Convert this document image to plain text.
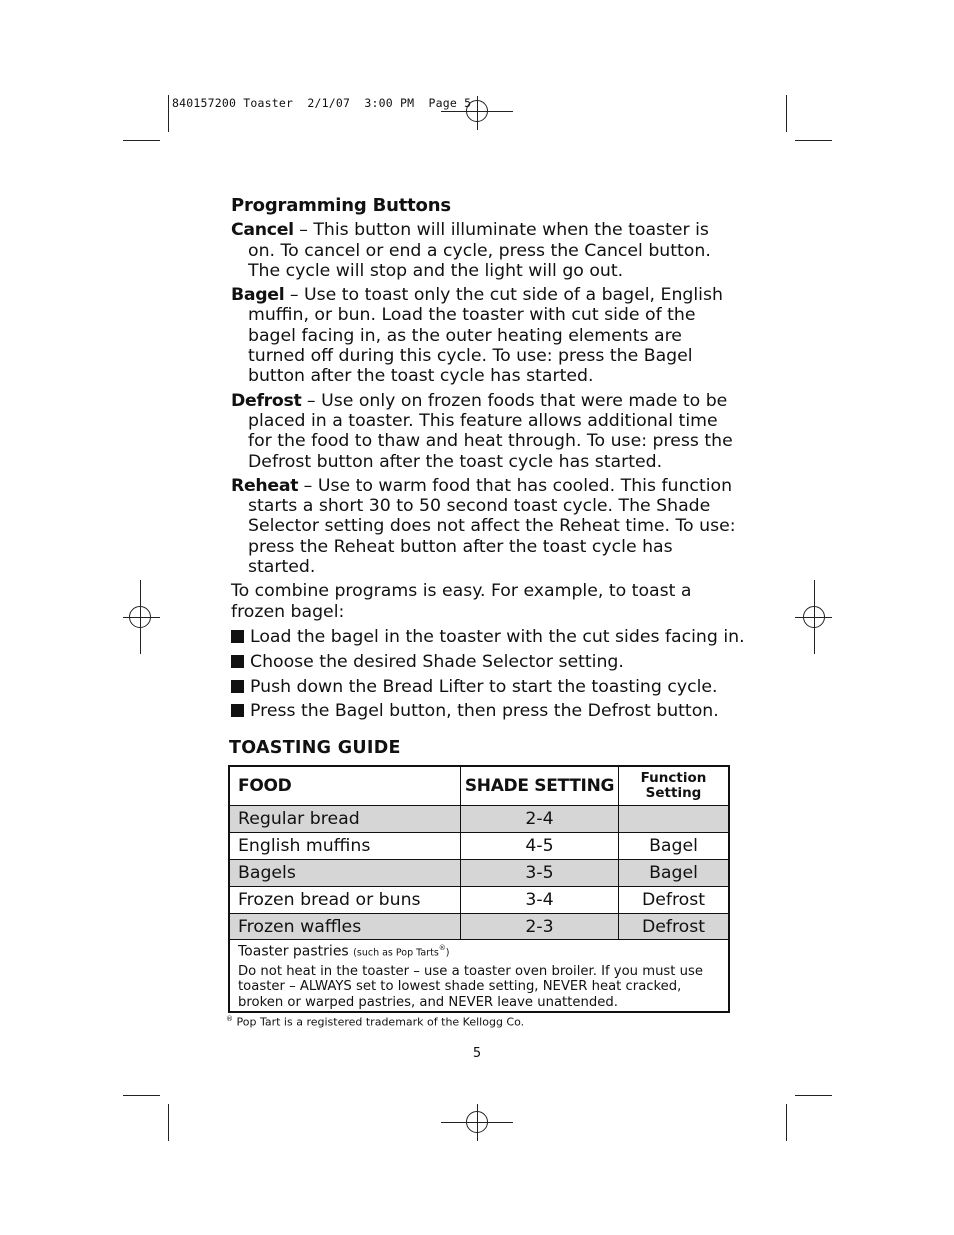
840157200 Toaster  2/1/07  3:00 PM  Page 5
Programming Buttons
Cancel – This button will illuminate when the toaster is on. To cancel or end a cycle, press the Cancel button. The cycle will stop and the light will go out.
Bagel – Use to toast only the cut side of a bagel, English muffin, or bun. Load the toaster with cut side of the bagel facing in, as the outer heating elements are turned off during this cycle. To use: press the Bagel button after the toast cycle has started.
Defrost – Use only on frozen foods that were made to be placed in a toaster. This feature allows additional time for the food to thaw and heat through. To use: press the Defrost button after the toast cycle has started.
Reheat – Use to warm food that has cooled. This function starts a short 30 to 50 second toast cycle. The Shade Selector setting does not affect the Reheat time. To use: press the Reheat button after the toast cycle has started.
To combine programs is easy. For example, to toast a frozen bagel:
Load the bagel in the toaster with the cut sides facing in.
Choose the desired Shade Selector setting.
Push down the Bread Lifter to start the toasting cycle.
Press the Bagel button, then press the Defrost button.
TOASTING GUIDE
FOOD	SHADE SETTING	Function
Setting
Regular bread	2-4
English muffins	4-5	Bagel
Bagels	3-5	Bagel
Frozen bread or buns	3-4	Defrost
Frozen waffles	2-3	Defrost
Toaster pastries (such as Pop Tarts®)
Do not heat in the toaster – use a toaster oven broiler. If you must use toaster – ALWAYS set to lowest shade setting, NEVER heat cracked, broken or warped pastries, and NEVER leave unattended.
® Pop Tart is a registered trademark of the Kellogg Co.
5
